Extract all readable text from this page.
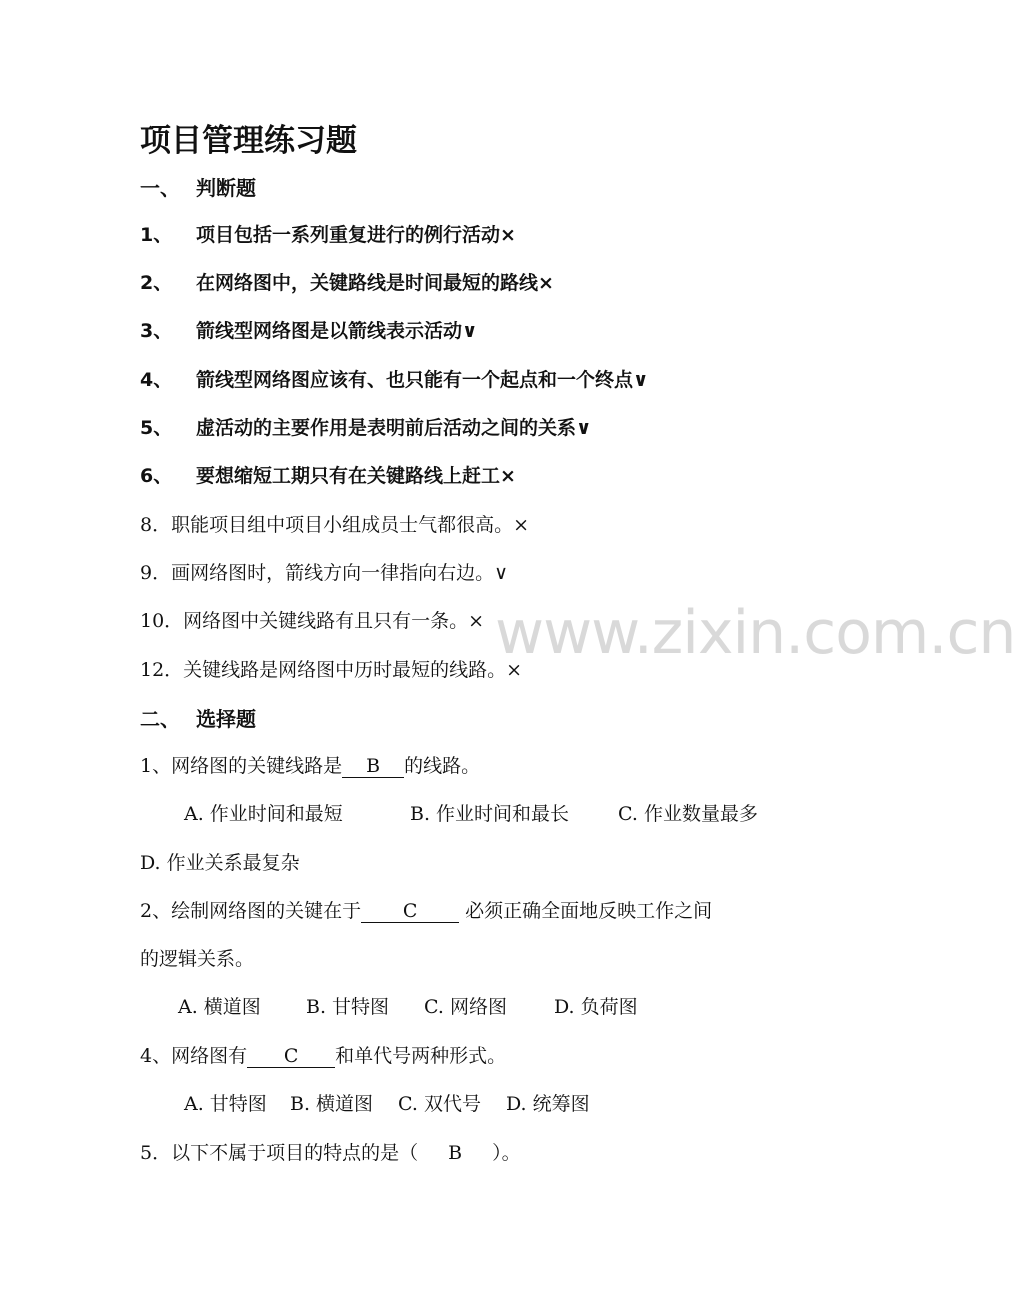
www.zixin.com.cn
项目管理练习题
一、 判断题
1、 项目包括一系列重复进行的例行活动×
2、 在网络图中，关键路线是时间最短的路线×
3、 箭线型网络图是以箭线表示活动∨
4、 箭线型网络图应该有、也只能有一个起点和一个终点∨
5、 虚活动的主要作用是表明前后活动之间的关系∨
6、 要想缩短工期只有在关键路线上赶工×
8．职能项目组中项目小组成员士气都很高。×
9．画网络图时，箭线方向一律指向右边。∨
10．网络图中关键线路有且只有一条。×
12．关键线路是网络图中历时最短的线路。×
二、 选择题
1、网络图的关键线路是 B 的线路。
A. 作业时间和最短	B. 作业时间和最长	C. 作业数量最多
D. 作业关系最复杂
2、绘制网络图的关键在于 C 必须正确全面地反映工作之间
的逻辑关系。
A. 横道图 B. 甘特图 C. 网络图 D. 负荷图
4、网络图有 C 和单代号两种形式。
A. 甘特图 B. 横道图 C. 双代号 D. 统筹图
5．以下不属于项目的特点的是（ B ）。
